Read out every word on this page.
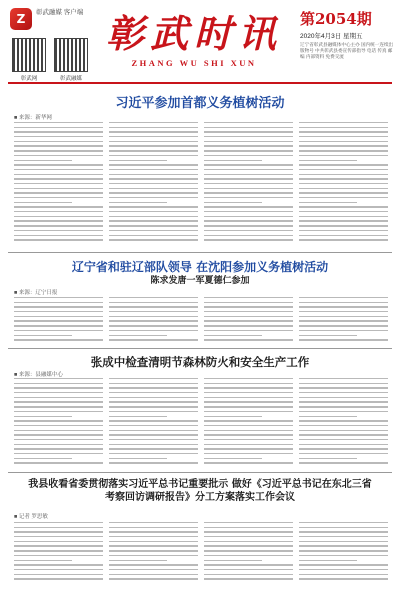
Z	彰武融媒 客户端
彰武网	彰武融媒
彰武时讯
ZHANG WU SHI XUN
第2054期
2020年4月3日 星期五
辽宁省彰武县融媒体中心主办 国内统一连续出版物号 中共彰武县委宣传部指导 电话 传真 邮编 内部资料 免费交流
习近平参加首都义务植树活动
■ 来源：新华网
辽宁省和驻辽部队领导 在沈阳参加义务植树活动
陈求发唐一军夏德仁参加
■ 来源：辽宁日报
张成中检查清明节森林防火和安全生产工作
■ 来源：县融媒中心
我县收看省委贯彻落实习近平总书记重要批示 做好《习近平总书记在东北三省考察回访调研报告》分工方案落实工作会议
■ 记者 罗思敏
